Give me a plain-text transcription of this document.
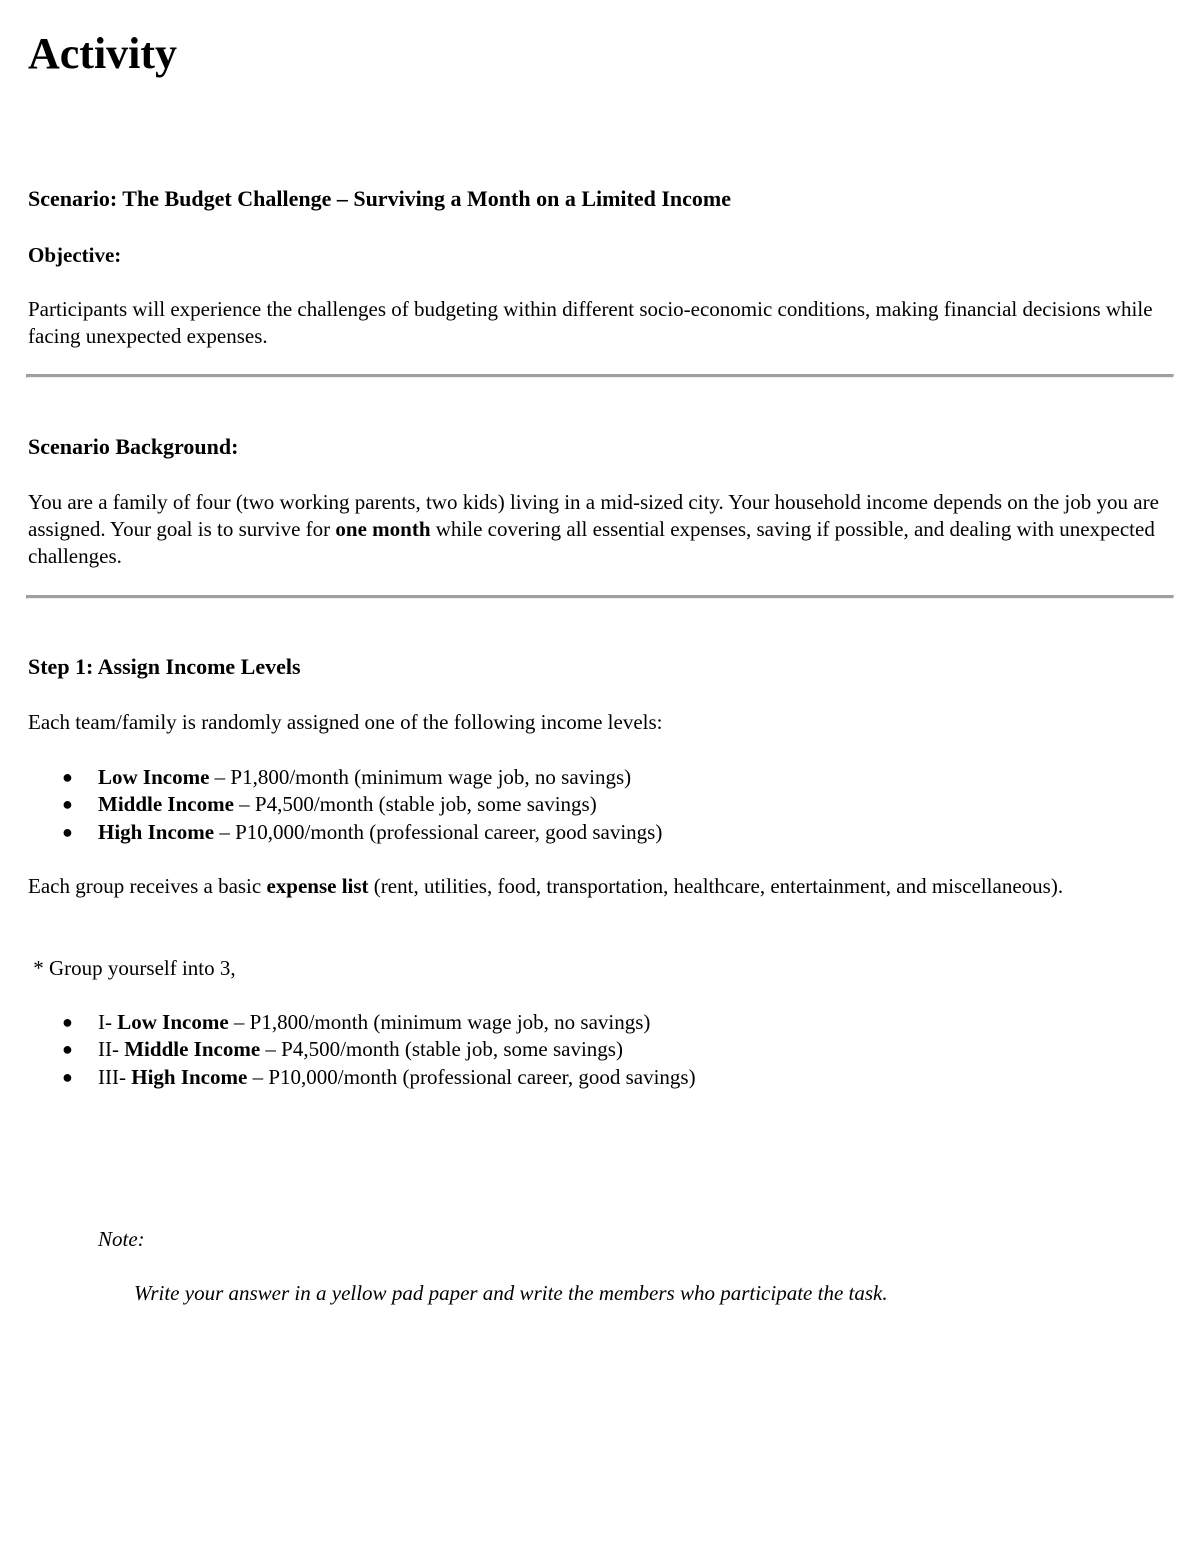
Activity
Scenario: The Budget Challenge – Surviving a Month on a Limited Income

Objective:

Participants will experience the challenges of budgeting within different socio-economic conditions, making financial decisions while facing unexpected expenses.

Scenario Background:

You are a family of four (two working parents, two kids) living in a mid-sized city. Your household income depends on the job you are assigned. Your goal is to survive for one month while covering all essential expenses, saving if possible, and dealing with unexpected challenges.

Step 1: Assign Income Levels

Each team/family is randomly assigned one of the following income levels:

● Low Income – P1,800/month (minimum wage job, no savings)
● Middle Income – P4,500/month (stable job, some savings)
● High Income – P10,000/month (professional career, good savings)

Each group receives a basic expense list (rent, utilities, food, transportation, healthcare, entertainment, and miscellaneous).

* Group yourself into 3,

● I- Low Income – P1,800/month (minimum wage job, no savings)
● II- Middle Income – P4,500/month (stable job, some savings)
● III- High Income – P10,000/month (professional career, good savings)

Note:

Write your answer in a yellow pad paper and write the members who participate the task.
